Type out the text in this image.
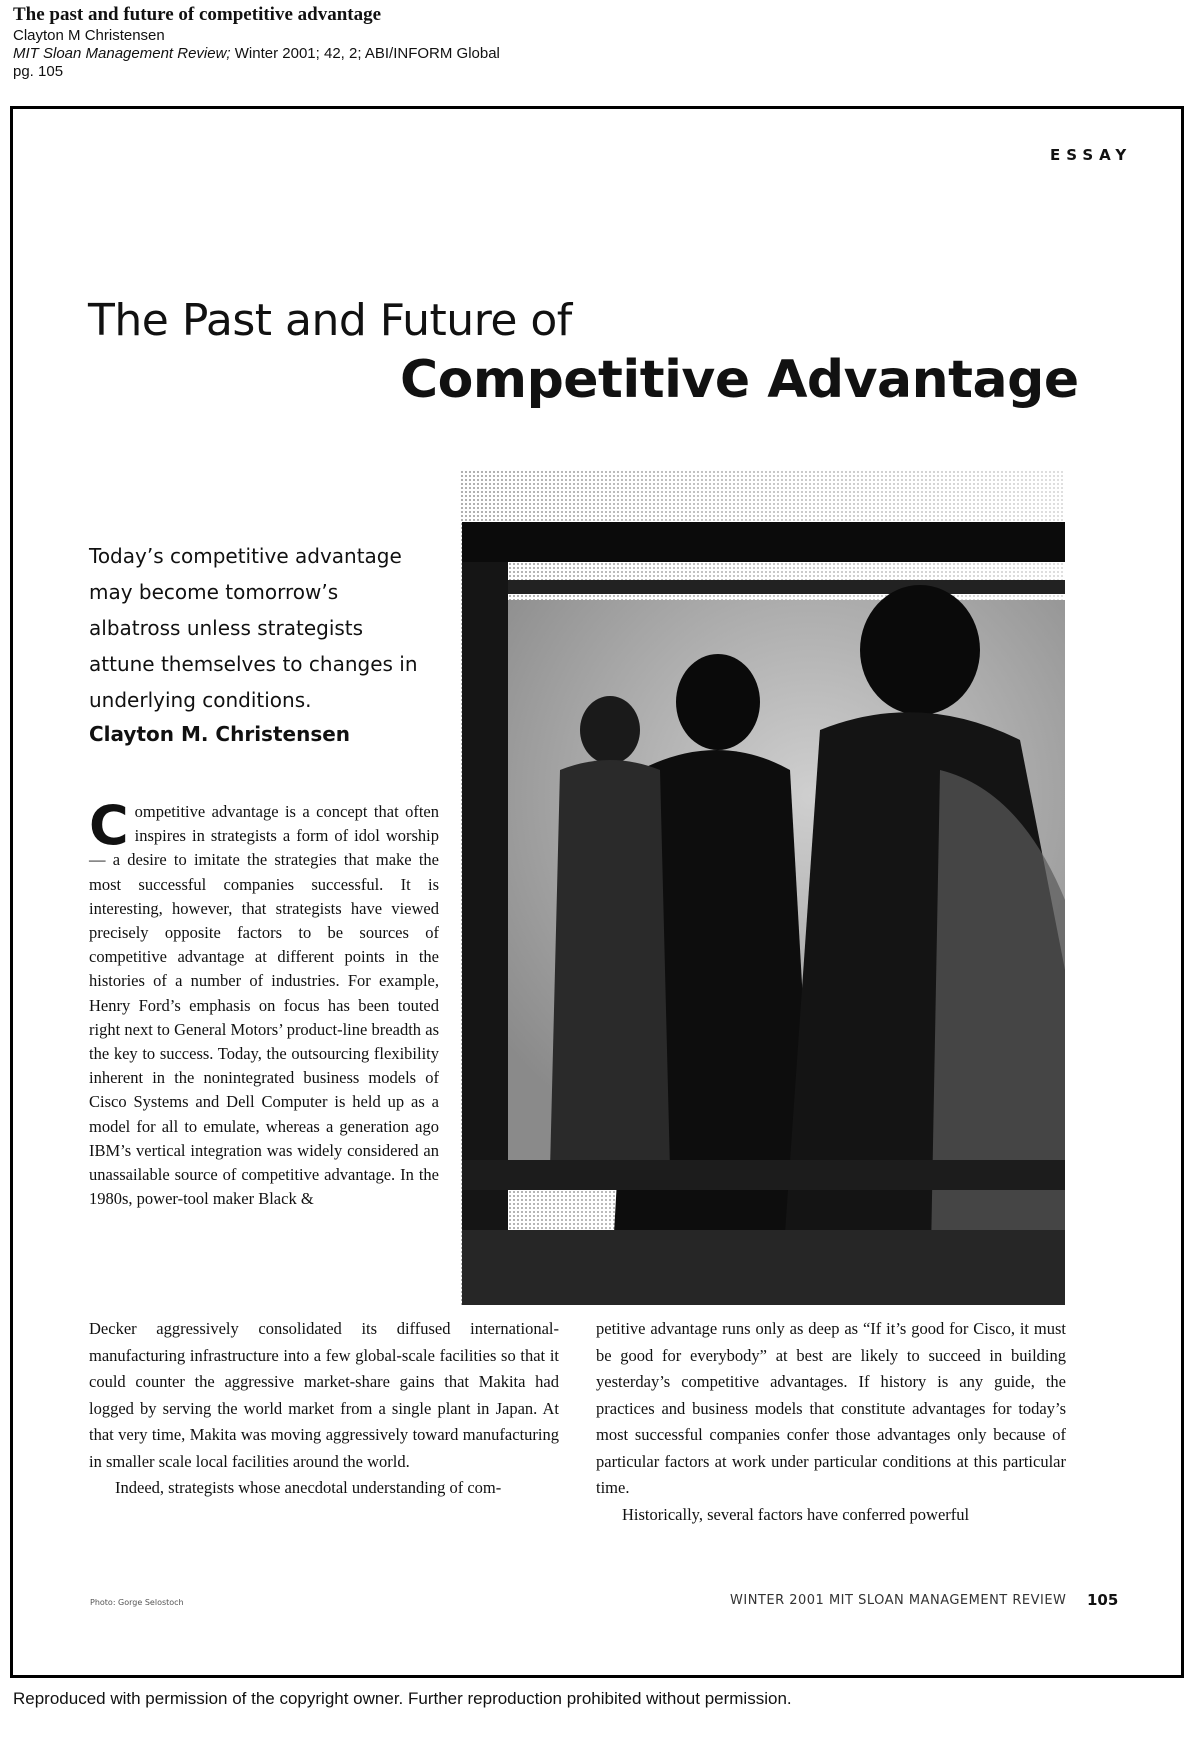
The past and future of competitive advantage
Clayton M Christensen
MIT Sloan Management Review; Winter 2001; 42, 2; ABI/INFORM Global
pg. 105
ESSAY
The Past and Future of
Competitive Advantage
Today’s competitive advantage may become tomorrow’s albatross unless strategists attune themselves to changes in underlying conditions.
Clayton M. Christensen
Competitive advantage is a concept that often inspires in strategists a form of idol worship — a desire to imitate the strategies that make the most successful companies successful. It is interesting, however, that strategists have viewed precisely opposite factors to be sources of competitive advantage at different points in the histories of a number of industries. For example, Henry Ford’s emphasis on focus has been touted right next to General Motors’ product-line breadth as the key to success. Today, the outsourcing flexibility inherent in the nonintegrated business models of Cisco Systems and Dell Computer is held up as a model for all to emulate, whereas a generation ago IBM’s vertical integration was widely considered an unassailable source of competitive advantage. In the 1980s, power-tool maker Black &

Decker aggressively consolidated its diffused international-manufacturing infrastructure into a few global-scale facilities so that it could counter the aggressive market-share gains that Makita had logged by serving the world market from a single plant in Japan. At that very time, Makita was moving aggressively toward manufacturing in smaller scale local facilities around the world.

Indeed, strategists whose anecdotal understanding of com-

petitive advantage runs only as deep as “If it’s good for Cisco, it must be good for everybody” at best are likely to succeed in building yesterday’s competitive advantages. If history is any guide, the practices and business models that constitute advantages for today’s most successful companies confer those advantages only because of particular factors at work under particular conditions at this particular time.

Historically, several factors have conferred powerful

Photo: Gorge Selostoch	WINTER 2001 MIT SLOAN MANAGEMENT REVIEW 105
Reproduced with permission of the copyright owner. Further reproduction prohibited without permission.
